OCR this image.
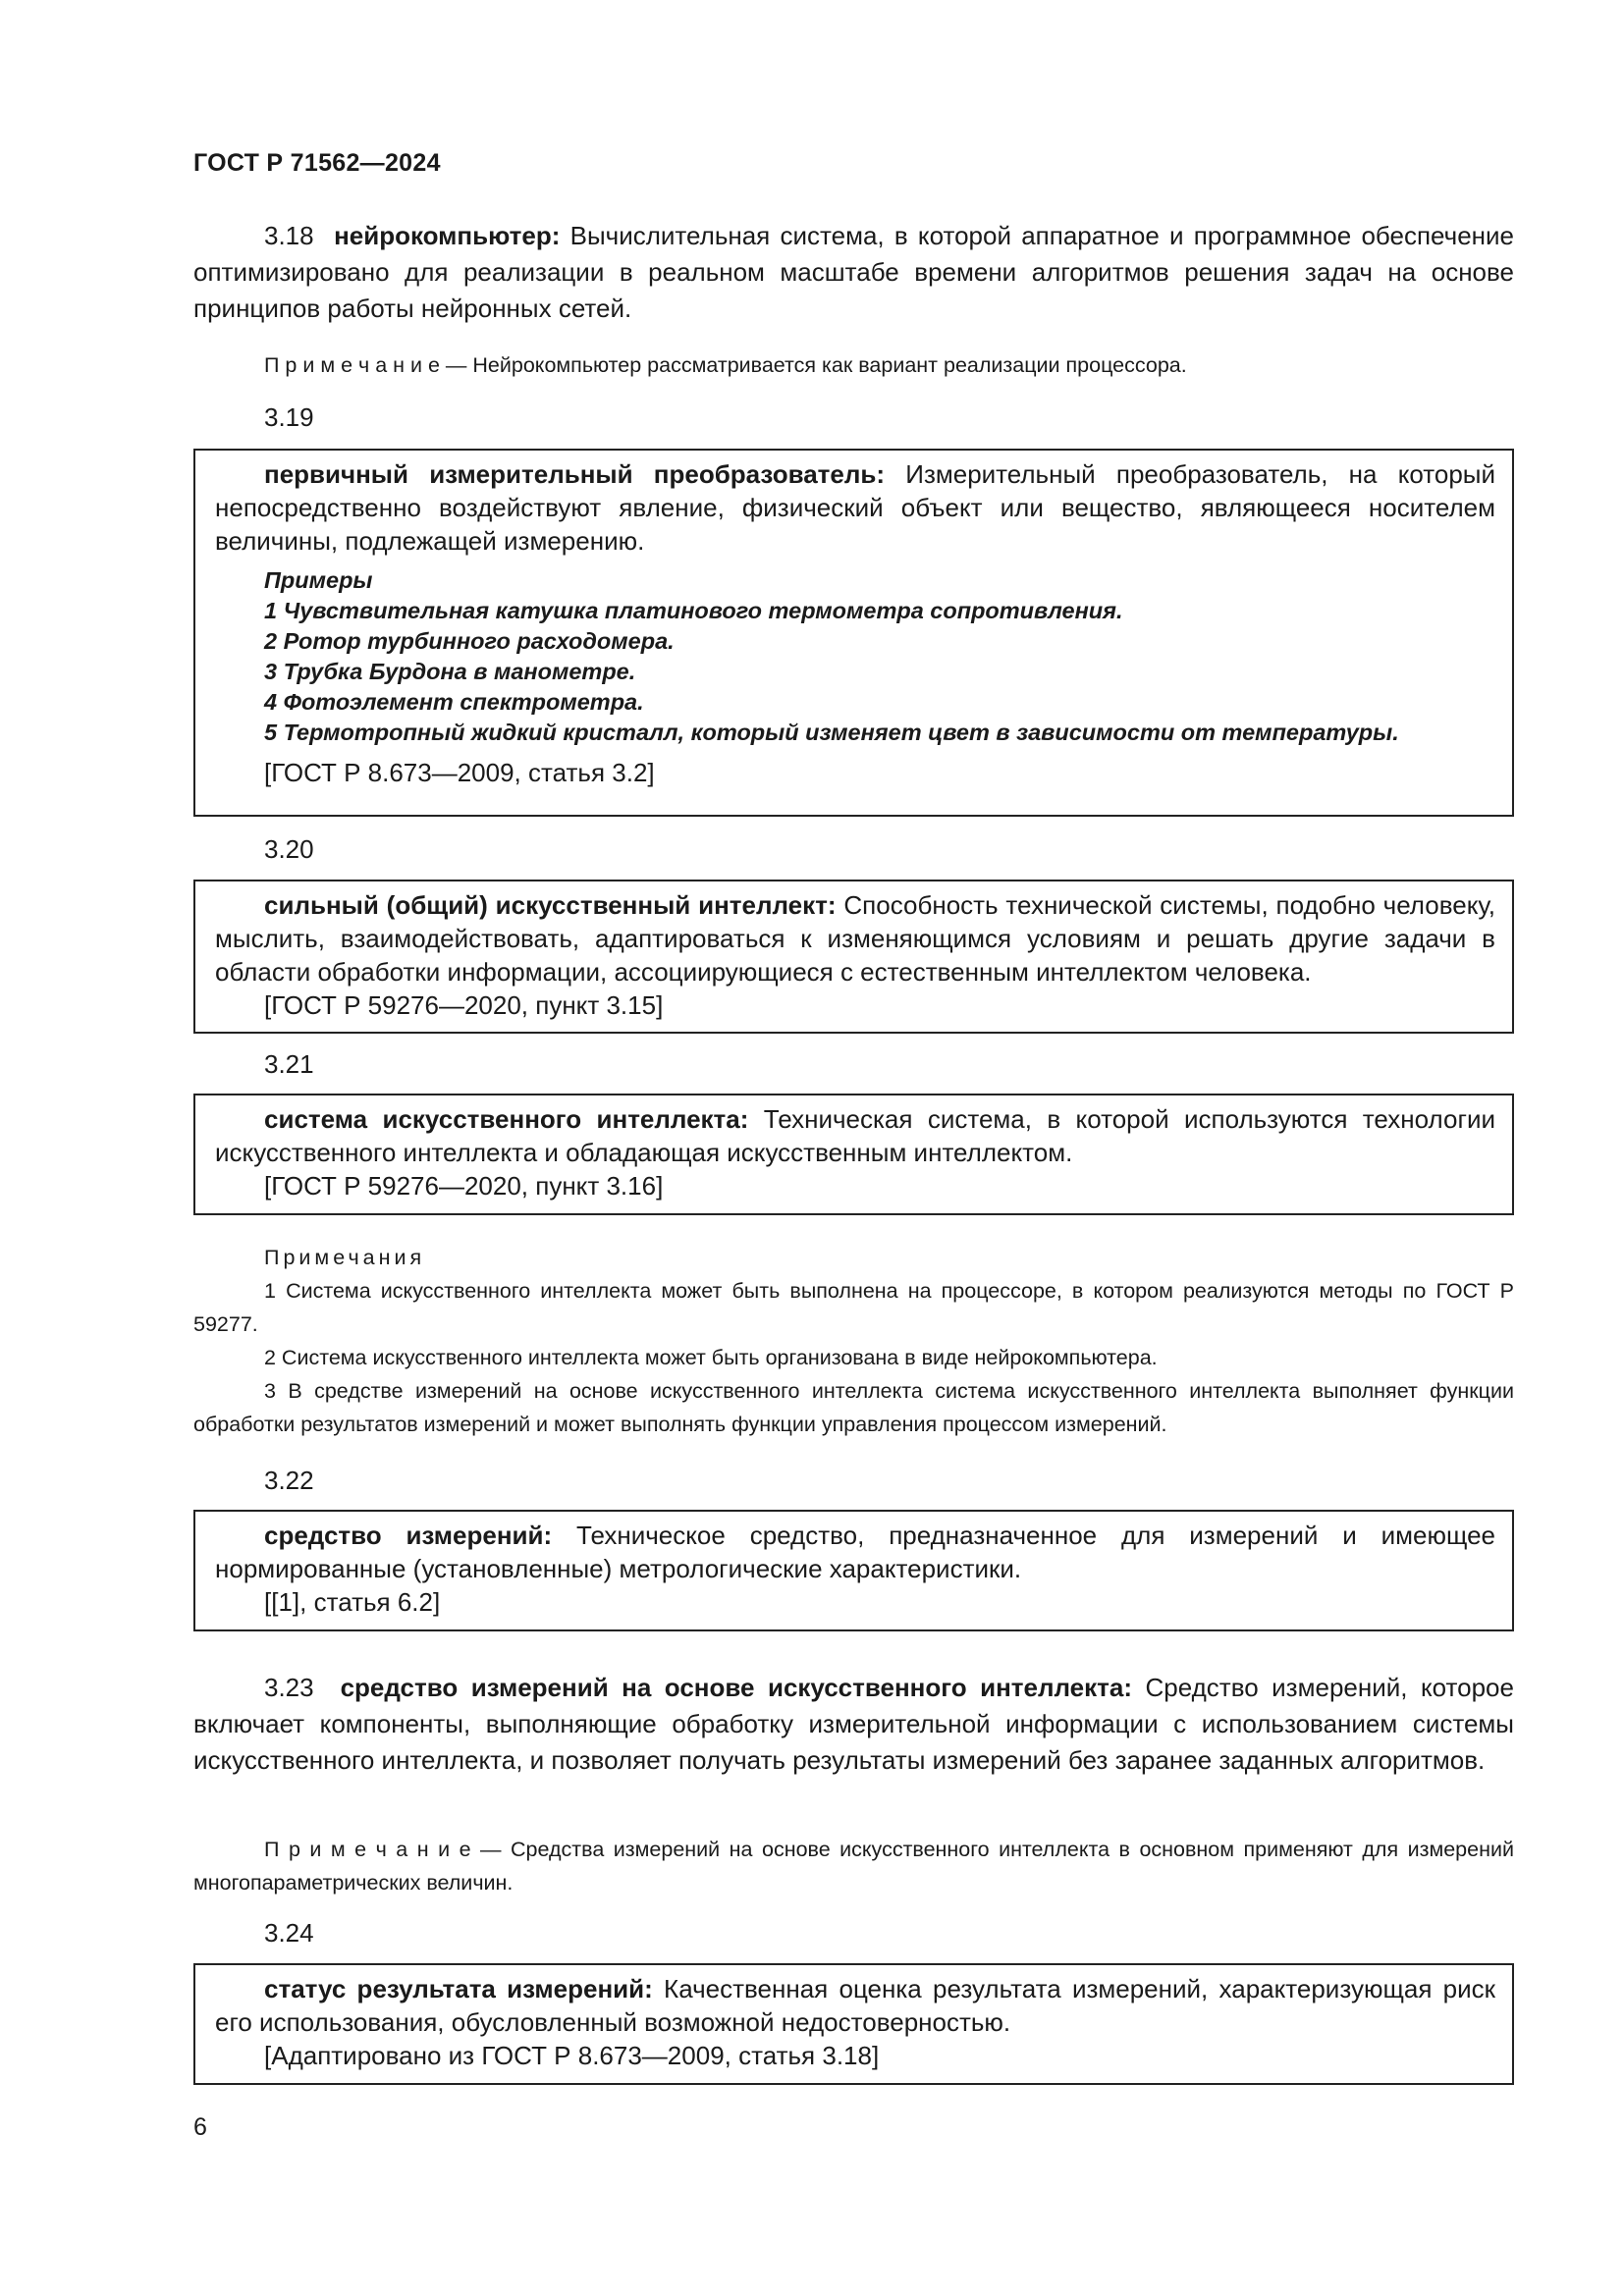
ГОСТ Р 71562—2024
3.18 нейрокомпьютер: Вычислительная система, в которой аппаратное и программное обеспечение оптимизировано для реализации в реальном масштабе времени алгоритмов решения задач на основе принципов работы нейронных сетей.
П р и м е ч а н и е — Нейрокомпьютер рассматривается как вариант реализации процессора.
3.19
первичный измерительный преобразователь: Измерительный преобразователь, на который непосредственно воздействуют явление, физический объект или вещество, являющееся носителем величины, подлежащей измерению.
Примеры
1 Чувствительная катушка платинового термометра сопротивления.
2 Ротор турбинного расходомера.
3 Трубка Бурдона в манометре.
4 Фотоэлемент спектрометра.
5 Термотропный жидкий кристалл, который изменяет цвет в зависимости от температуры.
[ГОСТ Р 8.673—2009, статья 3.2]
3.20
сильный (общий) искусственный интеллект: Способность технической системы, подобно человеку, мыслить, взаимодействовать, адаптироваться к изменяющимся условиям и решать другие задачи в области обработки информации, ассоциирующиеся с естественным интеллектом человека.
[ГОСТ Р 59276—2020, пункт 3.15]
3.21
система искусственного интеллекта: Техническая система, в которой используются технологии искусственного интеллекта и обладающая искусственным интеллектом.
[ГОСТ Р 59276—2020, пункт 3.16]
Примечания
1 Система искусственного интеллекта может быть выполнена на процессоре, в котором реализуются методы по ГОСТ Р 59277.
2 Система искусственного интеллекта может быть организована в виде нейрокомпьютера.
3 В средстве измерений на основе искусственного интеллекта система искусственного интеллекта выполняет функции обработки результатов измерений и может выполнять функции управления процессом измерений.
3.22
средство измерений: Техническое средство, предназначенное для измерений и имеющее нормированные (установленные) метрологические характеристики.
[[1], статья 6.2]
3.23 средство измерений на основе искусственного интеллекта: Средство измерений, которое включает компоненты, выполняющие обработку измерительной информации с использованием системы искусственного интеллекта, и позволяет получать результаты измерений без заранее заданных алгоритмов.
П р и м е ч а н и е — Средства измерений на основе искусственного интеллекта в основном применяют для измерений многопараметрических величин.
3.24
статус результата измерений: Качественная оценка результата измерений, характеризующая риск его использования, обусловленный возможной недостоверностью.
[Адаптировано из ГОСТ Р 8.673—2009, статья 3.18]
6
